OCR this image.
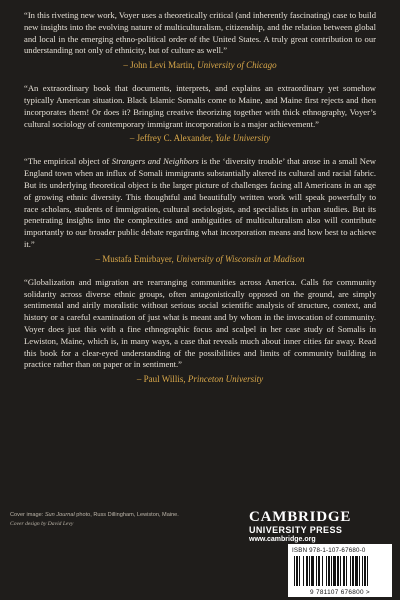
“In this riveting new work, Voyer uses a theoretically critical (and inherently fascinating) case to build new insights into the evolving nature of multiculturalism, citizenship, and the relation between global and local in the emerging ethno-political order of the United States. A truly great contribution to our understanding not only of ethnicity, but of culture as well.”

– John Levi Martin, University of Chicago

“An extraordinary book that documents, interprets, and explains an extraordinary yet somehow typically American situation. Black Islamic Somalis come to Maine, and Maine first rejects and then incorporates them! Or does it? Bringing creative theorizing together with thick ethnography, Voyer’s cultural sociology of contemporary immigrant incorporation is a major achievement.”

– Jeffrey C. Alexander, Yale University

“The empirical object of Strangers and Neighbors is the ‘diversity trouble’ that arose in a small New England town when an influx of Somali immigrants substantially altered its cultural and racial fabric. But its underlying theoretical object is the larger picture of challenges facing all Americans in an age of growing ethnic diversity. This thoughtful and beautifully written work will speak powerfully to race scholars, students of immigration, cultural sociologists, and specialists in urban studies. But its penetrating insights into the complexities and ambiguities of multiculturalism also will contribute importantly to our broader public debate regarding what incorporation means and how best to achieve it.”

– Mustafa Emirbayer, University of Wisconsin at Madison

“Globalization and migration are rearranging communities across America. Calls for community solidarity across diverse ethnic groups, often antagonistically opposed on the ground, are simply sentimental and airily moralistic without serious social scientific analysis of structure, context, and history or a careful examination of just what is meant and by whom in the invocation of community. Voyer does just this with a fine ethnographic focus and scalpel in her case study of Somalis in Lewiston, Maine, which is, in many ways, a case that reveals much about inner cities far away. Read this book for a clear-eyed understanding of the possibilities and limits of community building in practice rather than on paper or in sentiment.”

– Paul Willis, Princeton University

Cover image: Sun Journal photo, Russ Dillingham, Lewiston, Maine.

Cover design by David Levy	CAMBRIDGE
UNIVERSITY PRESS
www.cambridge.org
ISBN 978-1-107-67680-0
9 781107 676800 >
